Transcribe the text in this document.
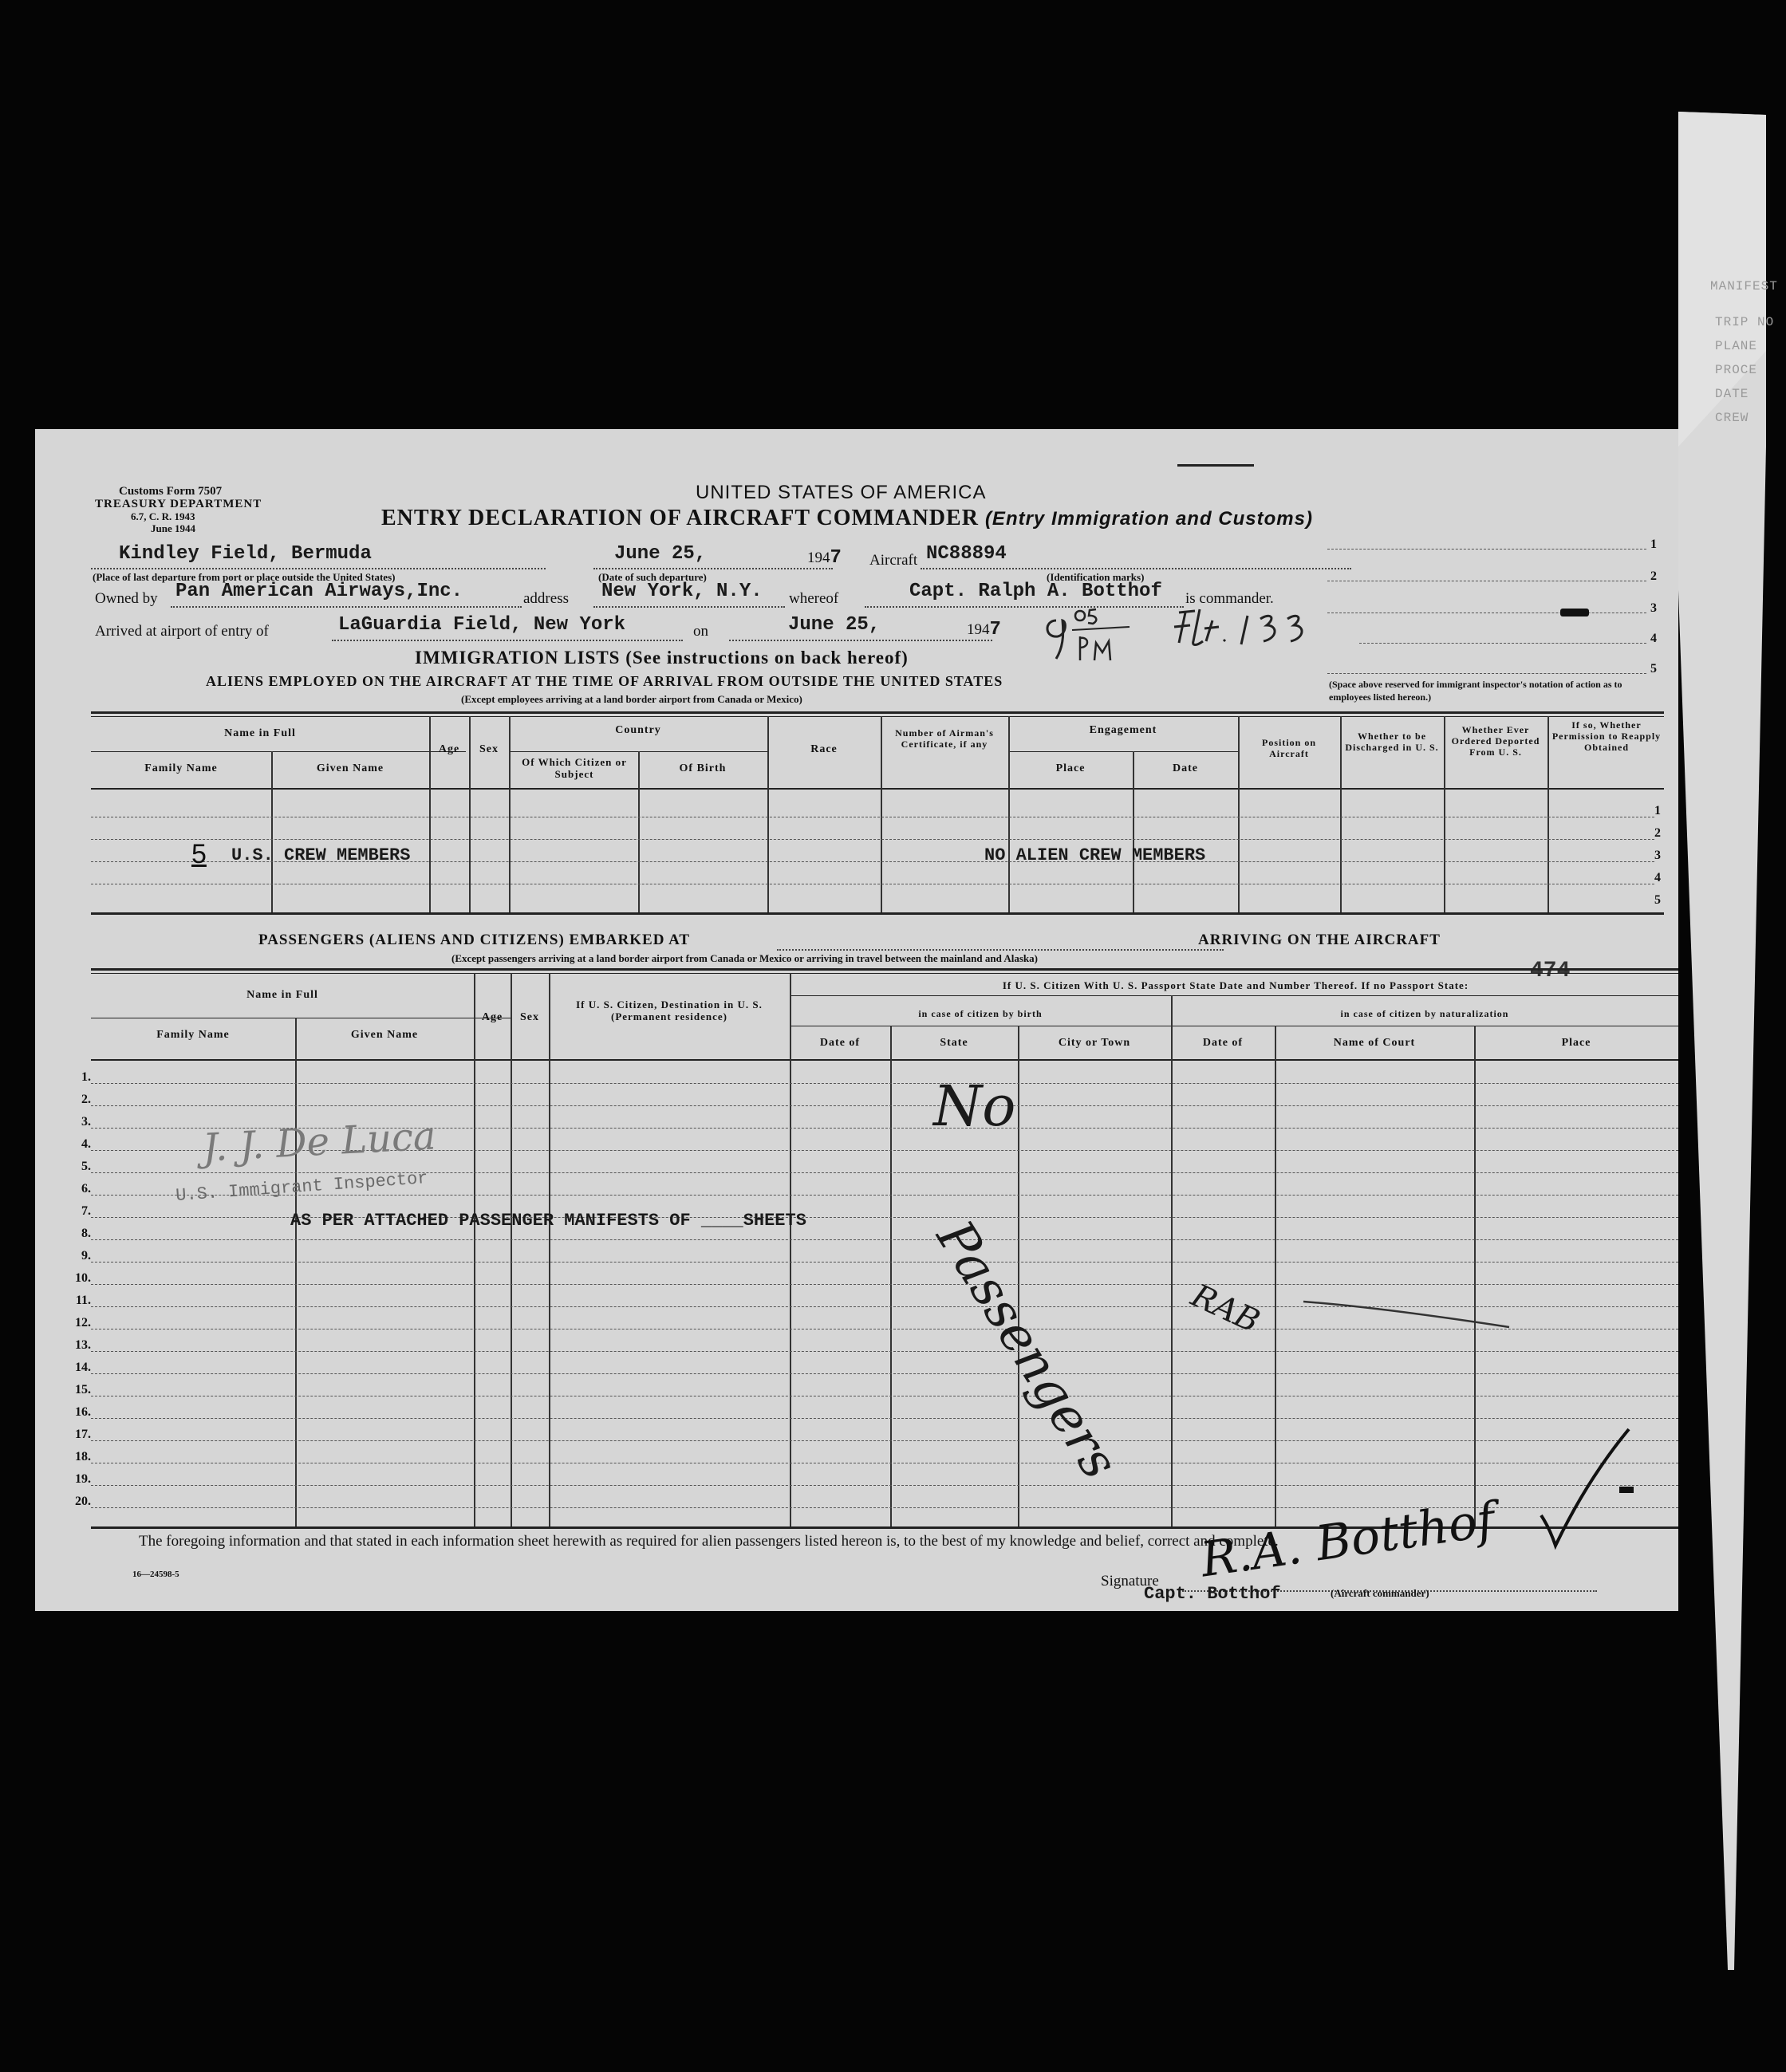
MANIFEST
TRIP NO
PLANE
PROCE
DATE
CREW
Customs Form 7507
TREASURY DEPARTMENT
6.7, C. R. 1943
June 1944
UNITED STATES OF AMERICA
ENTRY DECLARATION OF AIRCRAFT COMMANDER (Entry Immigration and Customs)
Kindley Field, Bermuda
(Place of last departure from port or place outside the United States)
June 25,	1947
(Date of such departure)
Aircraft NC88894
(Identification marks)
Owned by Pan American Airways,Inc.	address New York, N.Y. whereof	Capt. Ralph A. Botthof is commander.
Arrived at airport of entry of	LaGuardia Field, New York	on	June 25,	1947
1
2
3
4
5
(Space above reserved for immigrant inspector's notation of action as to employees listed hereon.)
IMMIGRATION LISTS (See instructions on back hereof)
ALIENS EMPLOYED ON THE AIRCRAFT AT THE TIME OF ARRIVAL FROM OUTSIDE THE UNITED STATES
(Except employees arriving at a land border airport from Canada or Mexico)
Name in Full
Family Name	Given Name
Age	Sex
Country
Of Which Citizen or Subject	Of Birth
Race
Number of Airman's Certificate, if any
Engagement
Place	Date
Position on Aircraft
Whether to be Discharged in U. S.
Whether Ever Ordered Deported From U. S.
If so, Whether Permission to Reapply Obtained
1
2
3
4
5
5 U.S. CREW MEMBERS	NO ALIEN CREW MEMBERS
PASSENGERS (ALIENS AND CITIZENS) EMBARKED AT	ARRIVING ON THE AIRCRAFT
(Except passengers arriving at a land border airport from Canada or Mexico or arriving in travel between the mainland and Alaska)
474
Name in Full
Family Name	Given Name
Age	Sex
If U. S. Citizen, Destination in U. S. (Permanent residence)
If U. S. Citizen With U. S. Passport State Date and Number Thereof. If no Passport State:
in case of citizen by birth	in case of citizen by naturalization
Date of	State	City or Town	Date of	Name of Court	Place
1.
2.
3.
4.
5.
6.
7.
8.
9.
10.
11.
12.
13.
14.
15.
16.
17.
18.
19.
20.
J. J. De Luca
U.S. Immigrant Inspector
AS PER ATTACHED PASSENGER MANIFESTS OF ____SHEETS
No
Passengers RAB
The foregoing information and that stated in each information sheet herewith as required for alien passengers listed hereon is, to the best of my knowledge and belief, correct and complete.
16—24598-5	Signature R.A. Botthof
Capt. Botthof	(Aircraft commander)
